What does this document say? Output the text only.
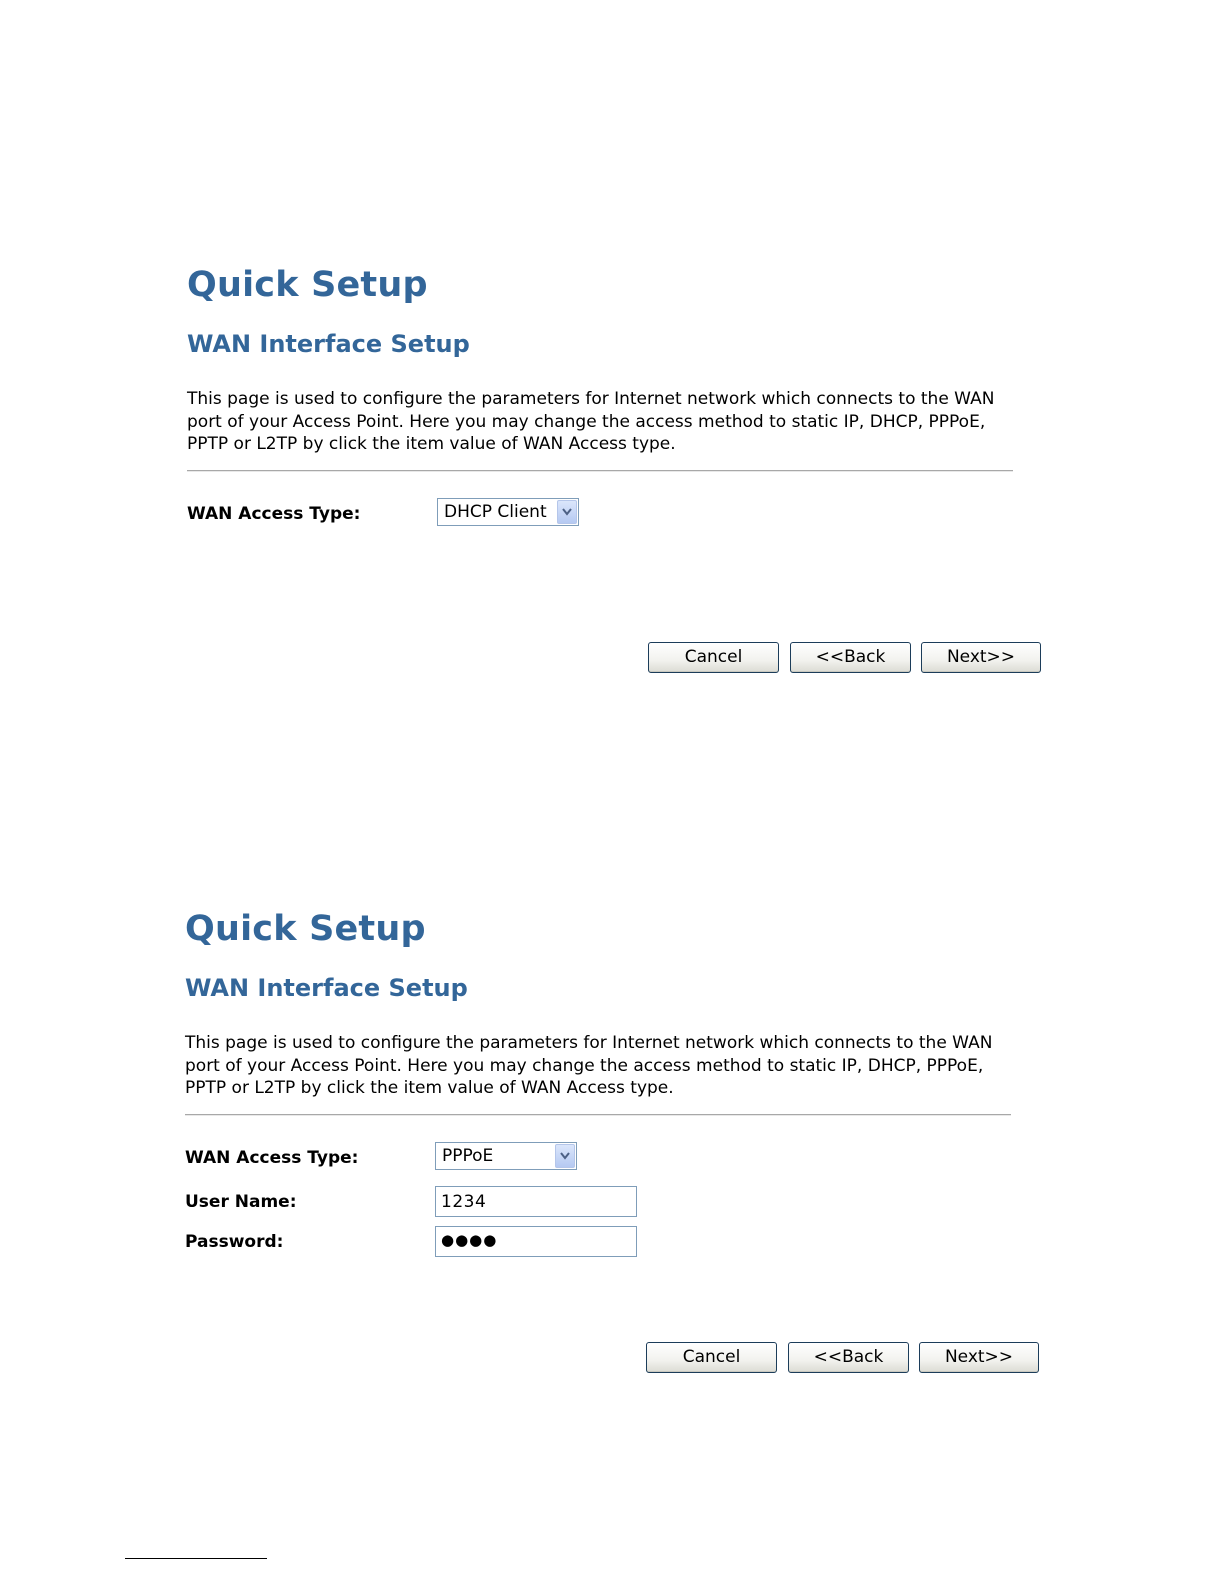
Quick Setup
WAN Interface Setup

This page is used to configure the parameters for Internet network which connects to the WAN port of your Access Point. Here you may change the access method to static IP, DHCP, PPPoE, PPTP or L2TP by click the item value of WAN Access type.

WAN Access Type:	DHCP Client
Cancel	<<Back	Next>>
Quick Setup
WAN Interface Setup

This page is used to configure the parameters for Internet network which connects to the WAN port of your Access Point. Here you may change the access method to static IP, DHCP, PPPoE, PPTP or L2TP by click the item value of WAN Access type.

WAN Access Type:	PPPoE
User Name:	1234
Password:	●●●●
Cancel	<<Back	Next>>
